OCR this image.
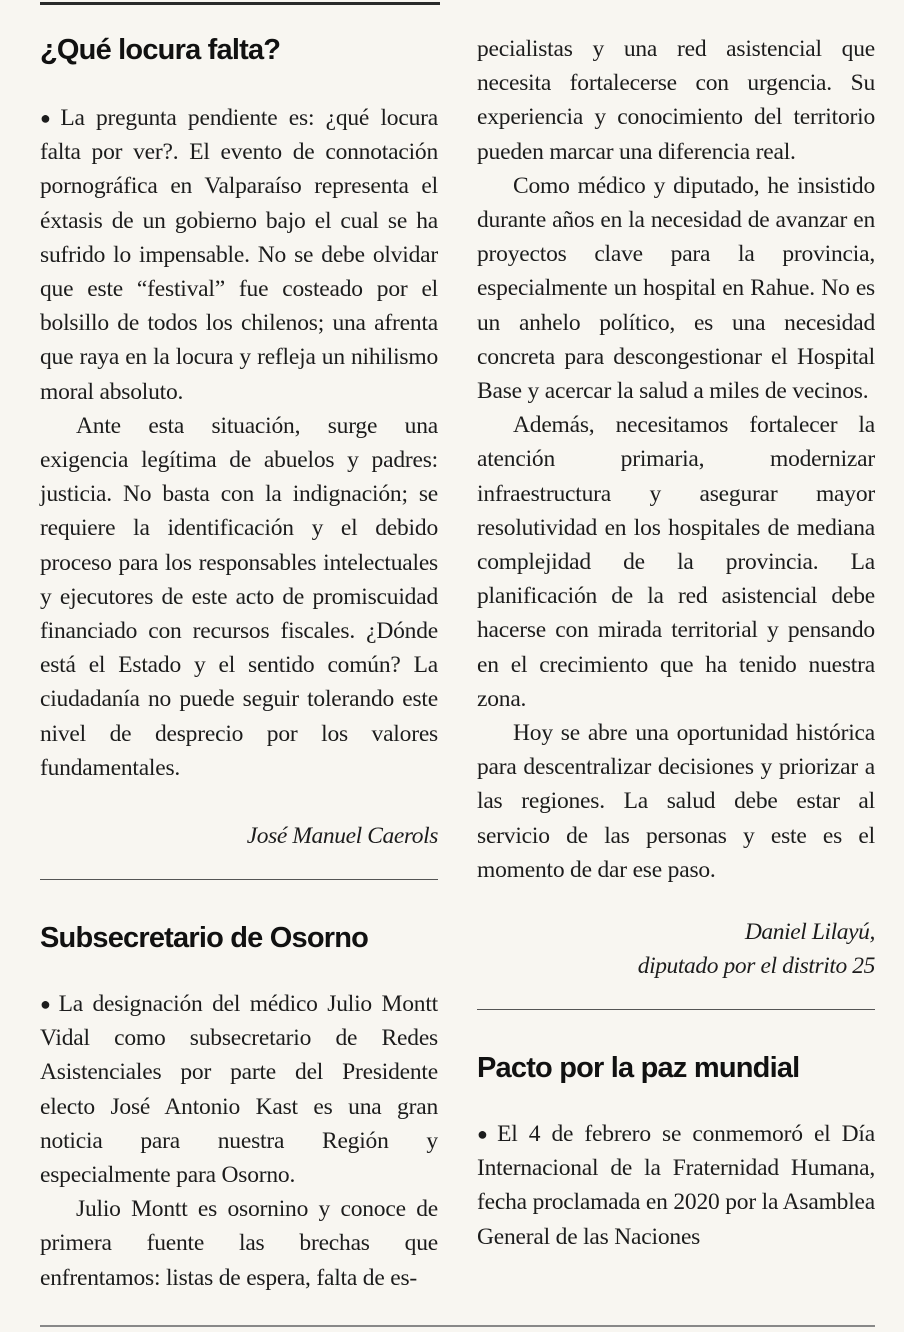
¿Qué locura falta?

● La pregunta pendiente es: ¿qué locura falta por ver?. El evento de connotación pornográfica en Valparaíso representa el éxtasis de un gobierno bajo el cual se ha sufrido lo impensable. No se debe olvidar que este “festival” fue costeado por el bolsillo de todos los chilenos; una afrenta que raya en la locura y refleja un nihilismo moral absoluto.

Ante esta situación, surge una exigencia legítima de abuelos y padres: justicia. No basta con la indignación; se requiere la identificación y el debido proceso para los responsables intelectuales y ejecutores de este acto de promiscuidad financiado con recursos fiscales. ¿Dónde está el Estado y el sentido común? La ciudadanía no puede seguir tolerando este nivel de desprecio por los valores fundamentales.

José Manuel Caerols

Subsecretario de Osorno

● La designación del médico Julio Montt Vidal como subsecretario de Redes Asistenciales por parte del Presidente electo José Antonio Kast es una gran noticia para nuestra Región y especialmente para Osorno.

Julio Montt es osornino y conoce de primera fuente las brechas que enfrentamos: listas de espera, falta de es-

pecialistas y una red asistencial que necesita fortalecerse con urgencia. Su experiencia y conocimiento del territorio pueden marcar una diferencia real.

Como médico y diputado, he insistido durante años en la necesidad de avanzar en proyectos clave para la provincia, especialmente un hospital en Rahue. No es un anhelo político, es una necesidad concreta para descongestionar el Hospital Base y acercar la salud a miles de vecinos.

Además, necesitamos fortalecer la atención primaria, modernizar infraestructura y asegurar mayor resolutividad en los hospitales de mediana complejidad de la provincia. La planificación de la red asistencial debe hacerse con mirada territorial y pensando en el crecimiento que ha tenido nuestra zona.

Hoy se abre una oportunidad histórica para descentralizar decisiones y priorizar a las regiones. La salud debe estar al servicio de las personas y este es el momento de dar ese paso.

Daniel Lilayú,

diputado por el distrito 25

Pacto por la paz mundial

● El 4 de febrero se conmemoró el Día Internacional de la Fraternidad Humana, fecha proclamada en 2020 por la Asamblea General de las Naciones
